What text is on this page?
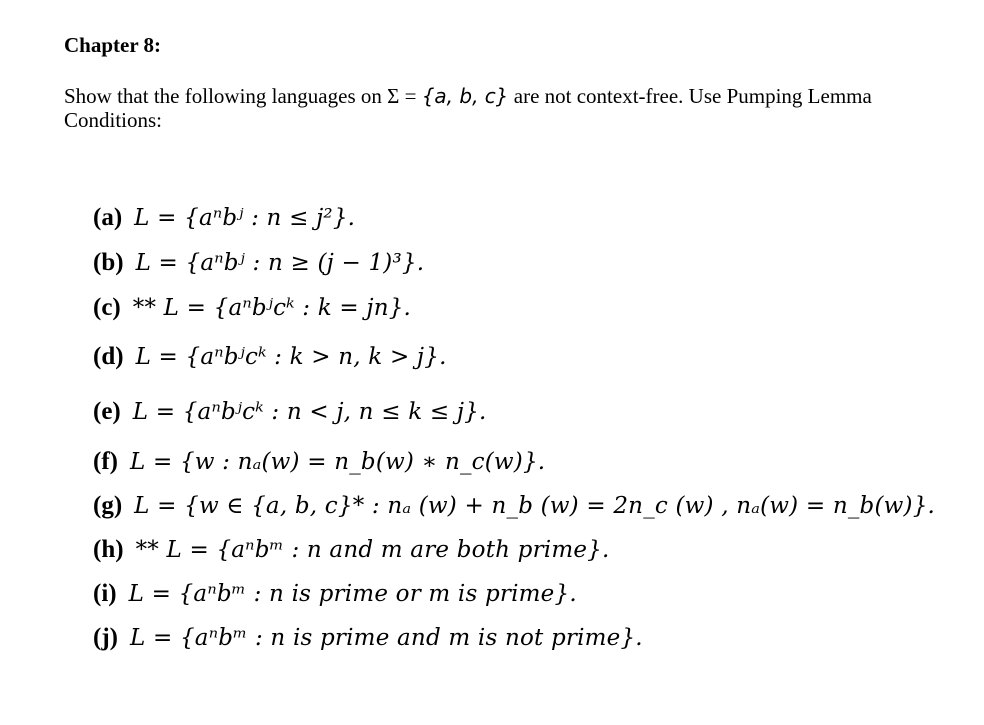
Chapter 8:
Show that the following languages on Σ = {a, b, c} are not context-free. Use Pumping Lemma Conditions:
(a) L = {aⁿbʲ : n ≤ j²}.
(b) L = {aⁿbʲ : n ≥ (j − 1)³}.
(c) ** L = {aⁿbʲcᵏ : k = jn}.
(d) L = {aⁿbʲcᵏ : k > n, k > j}.
(e) L = {aⁿbʲcᵏ : n < j, n ≤ k ≤ j}.
(f) L = {w : nₐ(w) = n_b(w) ∗ n_c(w)}.
(g) L = {w ∈ {a, b, c}* : nₐ (w) + n_b (w) = 2n_c (w) , nₐ(w) = n_b(w)}.
(h) ** L = {aⁿbᵐ : n and m are both prime}.
(i) L = {aⁿbᵐ : n is prime or m is prime}.
(j) L = {aⁿbᵐ : n is prime and m is not prime}.
